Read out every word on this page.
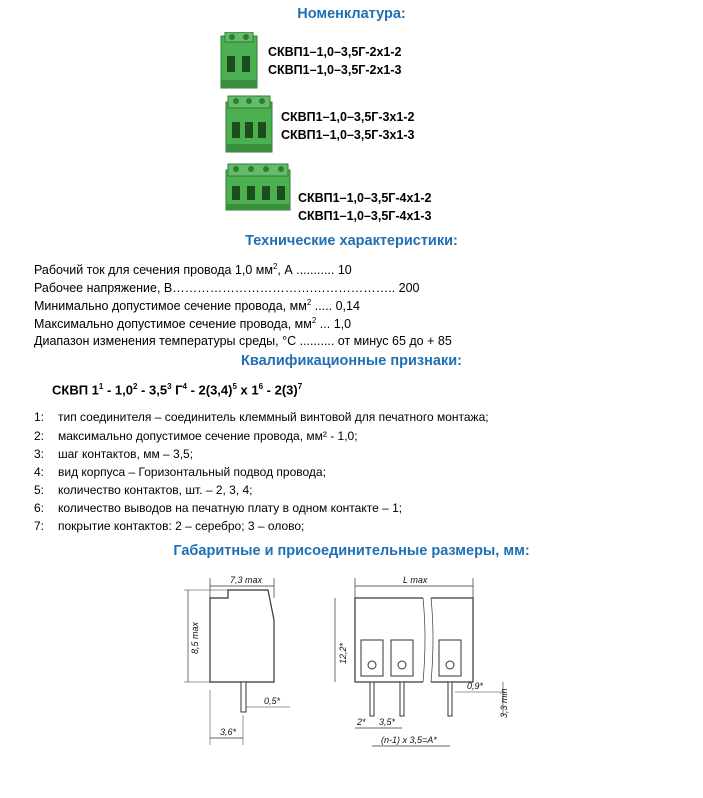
Номенклатура:
Технические характеристики:
Квалификационные признаки:
Габаритные и присоединительные размеры, мм:
СКВП1–1,0–3,5Г-2х1-2
СКВП1–1,0–3,5Г-2х1-3
СКВП1–1,0–3,5Г-3х1-2
СКВП1–1,0–3,5Г-3х1-3
СКВП1–1,0–3,5Г-4х1-2
СКВП1–1,0–3,5Г-4х1-3
Рабочий ток для сечения провода 1,0 $мм^2$, А ........... 10
Рабочее напряжение, В…………………………….……………….. 200
Минимально допустимое сечение провода, $мм^2$ ..... 0,14
Максимально допустимое сечение провода, $мм^2$ ... 1,0
Диапазон изменения температуры среды, °С .......... от минус 65 до + 85
СКВП $1^1 - 1,0^2 - 3,5^3$ $Г^4 - 2(3,4)^5$ х $1^6 - 2(3)^7$
1: тип соединителя – соединитель клеммный винтовой для печатного монтажа;
2: максимально допустимое сечение провода, мм² - 1,0;
3: шаг контактов, мм – 3,5;
4: вид корпуса – Горизонтальный подвод провода;
5: количество контактов, шт. – 2, 3, 4;
6: количество выводов на печатную плату в одном контакте – 1;
7: покрытие контактов: 2 – серебро; 3 – олово;
7,3 max
8,5 max
0,5*
3,6*
L max
12,2*
0,9*
3,3 min
2* 3,5*
(n-1) x 3,5=A*
